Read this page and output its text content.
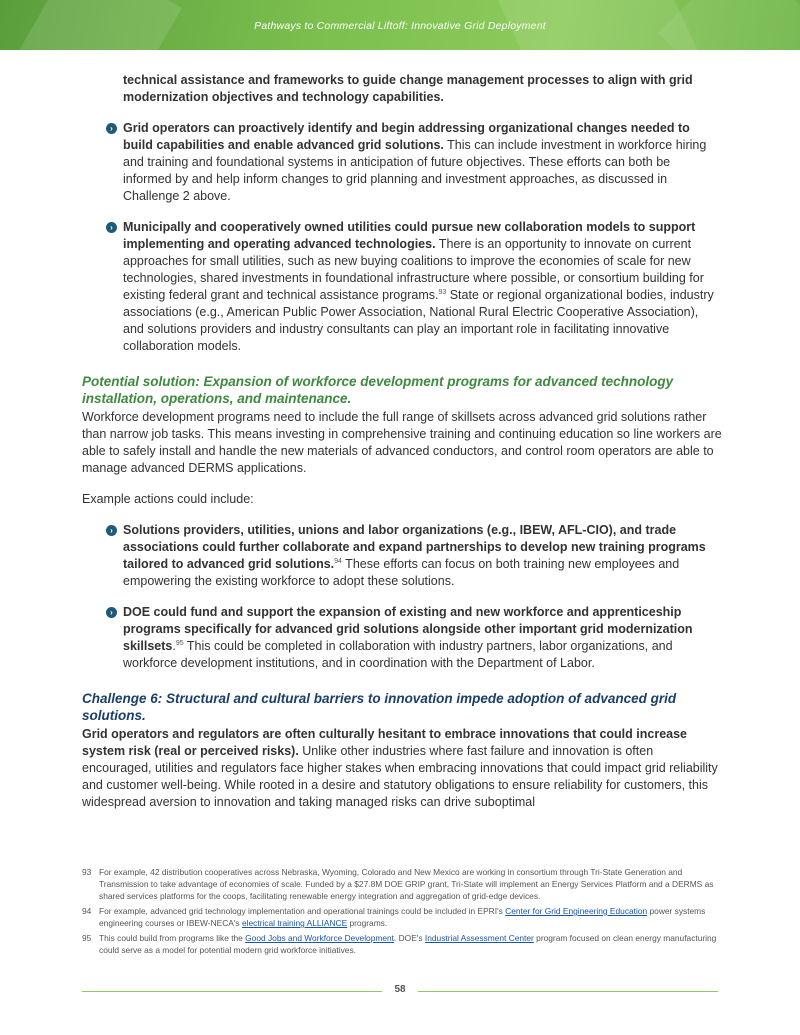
Pathways to Commercial Liftoff: Innovative Grid Deployment

technical assistance and frameworks to guide change management processes to align with grid modernization objectives and technology capabilities.

› Grid operators can proactively identify and begin addressing organizational changes needed to build capabilities and enable advanced grid solutions. This can include investment in workforce hiring and training and foundational systems in anticipation of future objectives. These efforts can both be informed by and help inform changes to grid planning and investment approaches, as discussed in Challenge 2 above.
› Municipally and cooperatively owned utilities could pursue new collaboration models to support implementing and operating advanced technologies. There is an opportunity to innovate on current approaches for small utilities, such as new buying coalitions to improve the economies of scale for new technologies, shared investments in foundational infrastructure where possible, or consortium building for existing federal grant and technical assistance programs.$^{93}$ State or regional organizational bodies, industry associations (e.g., American Public Power Association, National Rural Electric Cooperative Association), and solutions providers and industry consultants can play an important role in facilitating innovative collaboration models.
Potential solution: Expansion of workforce development programs for advanced technology installation, operations, and maintenance.

Workforce development programs need to include the full range of skillsets across advanced grid solutions rather than narrow job tasks. This means investing in comprehensive training and continuing education so line workers are able to safely install and handle the new materials of advanced conductors, and control room operators are able to manage advanced DERMS applications.

Example actions could include:

› Solutions providers, utilities, unions and labor organizations (e.g., IBEW, AFL-CIO), and trade associations could further collaborate and expand partnerships to develop new training programs tailored to advanced grid solutions.$^{94}$ These efforts can focus on both training new employees and empowering the existing workforce to adopt these solutions.
› DOE could fund and support the expansion of existing and new workforce and apprenticeship programs specifically for advanced grid solutions alongside other important grid modernization skillsets.$^{95}$ This could be completed in collaboration with industry partners, labor organizations, and workforce development institutions, and in coordination with the Department of Labor.
Challenge 6: Structural and cultural barriers to innovation impede adoption of advanced grid solutions.

Grid operators and regulators are often culturally hesitant to embrace innovations that could increase system risk (real or perceived risks). Unlike other industries where fast failure and innovation is often encouraged, utilities and regulators face higher stakes when embracing innovations that could impact grid reliability and customer well-being. While rooted in a desire and statutory obligations to ensure reliability for customers, this widespread aversion to innovation and taking managed risks can drive suboptimal

93 For example, 42 distribution cooperatives across Nebraska, Wyoming, Colorado and New Mexico are working in consortium through Tri-State Generation and Transmission to take advantage of economies of scale. Funded by a $27.8M DOE GRIP grant, Tri-State will implement an Energy Services Platform and a DERMS as shared services platforms for the coops, facilitating renewable energy integration and aggregation of grid-edge devices.
94 For example, advanced grid technology implementation and operational trainings could be included in EPRI's Center for Grid Engineering Education power systems engineering courses or IBEW-NECA's electrical training ALLIANCE programs.
95 This could build from programs like the Good Jobs and Workforce Development. DOE's Industrial Assessment Center program focused on clean energy manufacturing could serve as a model for potential modern grid workforce initiatives.
58
